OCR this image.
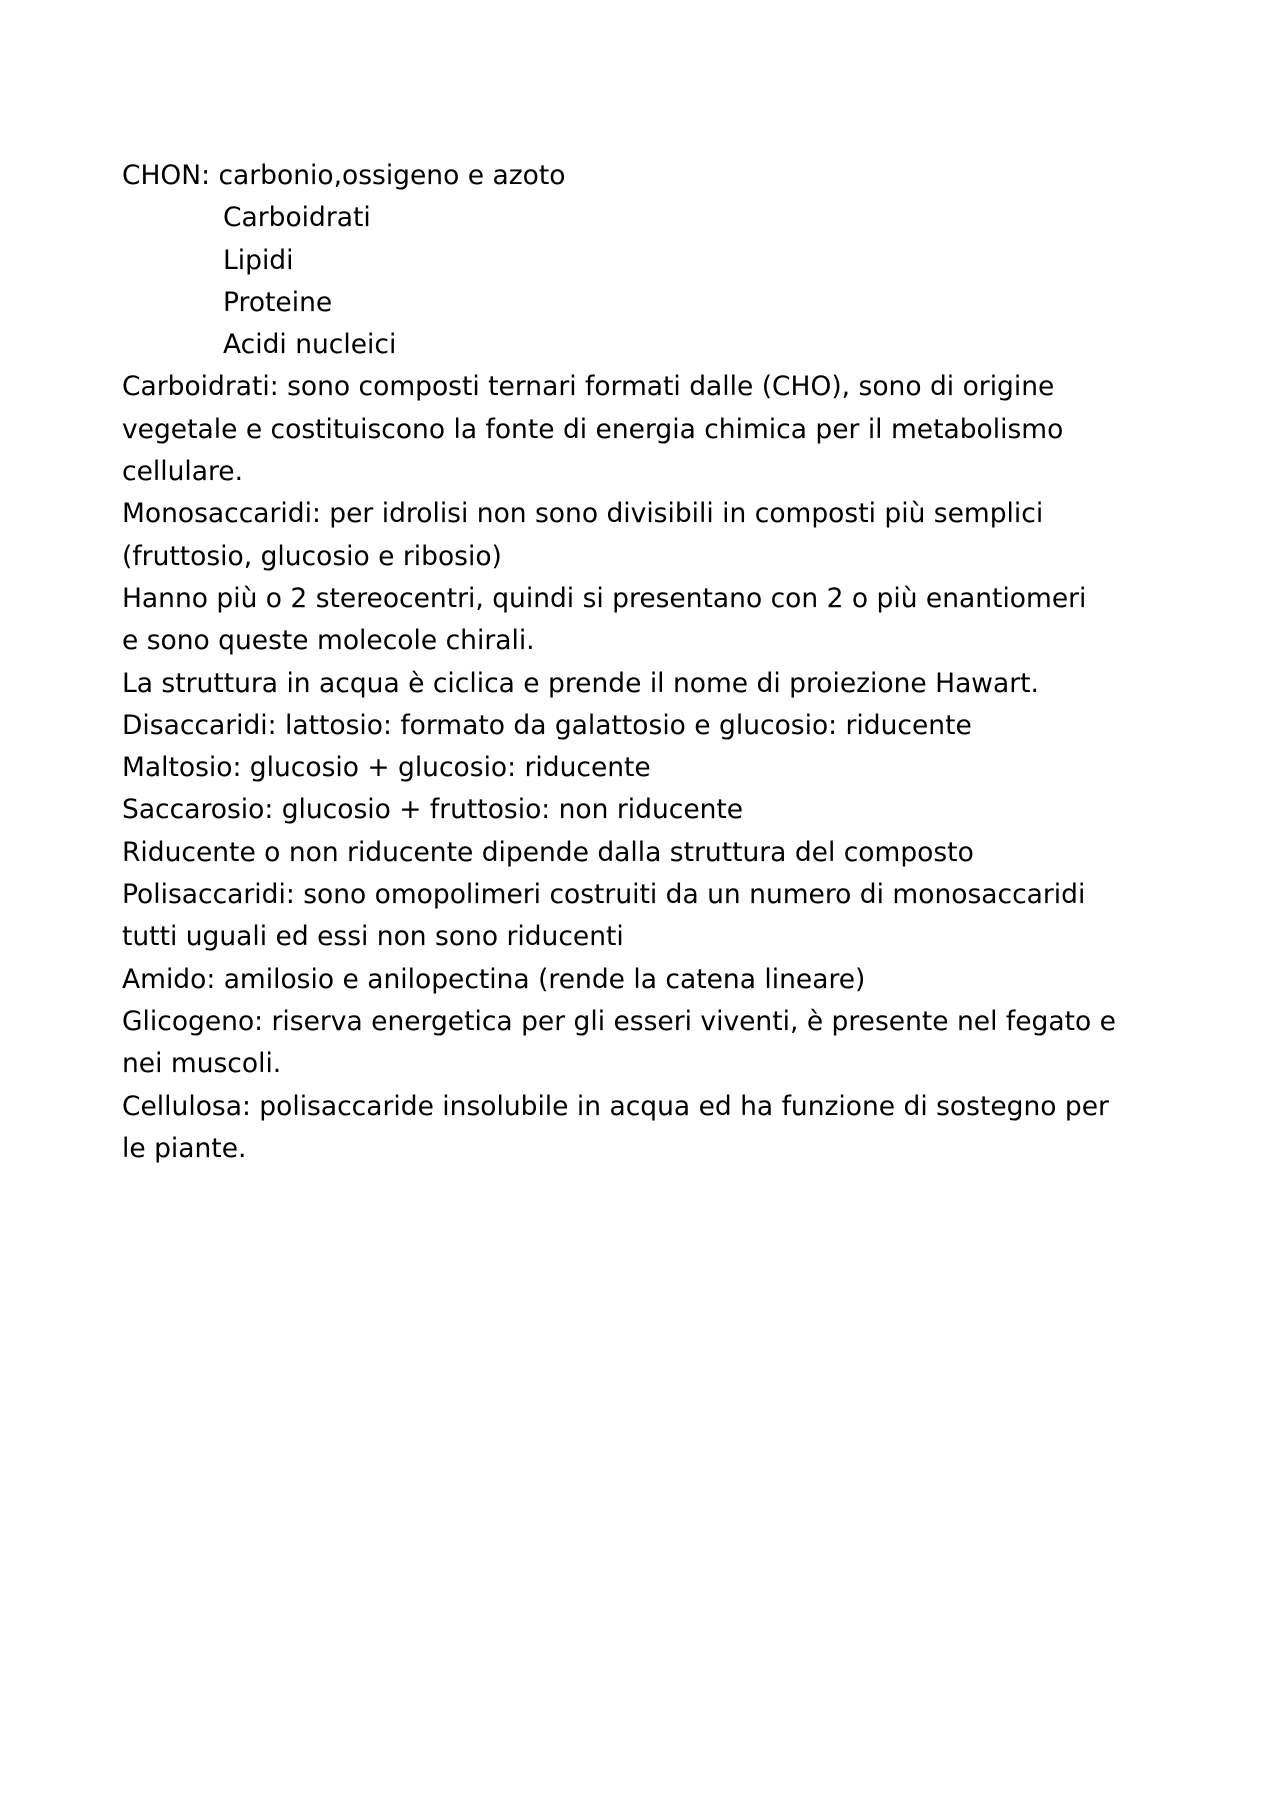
CHON: carbonio,ossigeno e azoto
Carboidrati
Lipidi
Proteine
Acidi nucleici
Carboidrati: sono composti ternari formati dalle (CHO), sono di origine
vegetale e costituiscono la fonte di energia chimica per il metabolismo
cellulare.
Monosaccaridi: per idrolisi non sono divisibili in composti più semplici
(fruttosio, glucosio e ribosio)
Hanno più o 2 stereocentri, quindi si presentano con 2 o più enantiomeri
e sono queste molecole chirali.
La struttura in acqua è ciclica e prende il nome di proiezione Hawart.
Disaccaridi: lattosio: formato da galattosio e glucosio: riducente
Maltosio: glucosio + glucosio: riducente
Saccarosio: glucosio + fruttosio: non riducente
Riducente o non riducente dipende dalla struttura del composto
Polisaccaridi: sono omopolimeri costruiti da un numero di monosaccaridi
tutti uguali ed essi non sono riducenti
Amido: amilosio e anilopectina (rende la catena lineare)
Glicogeno: riserva energetica per gli esseri viventi, è presente nel fegato e
nei muscoli.
Cellulosa: polisaccaride insolubile in acqua ed ha funzione di sostegno per
le piante.
